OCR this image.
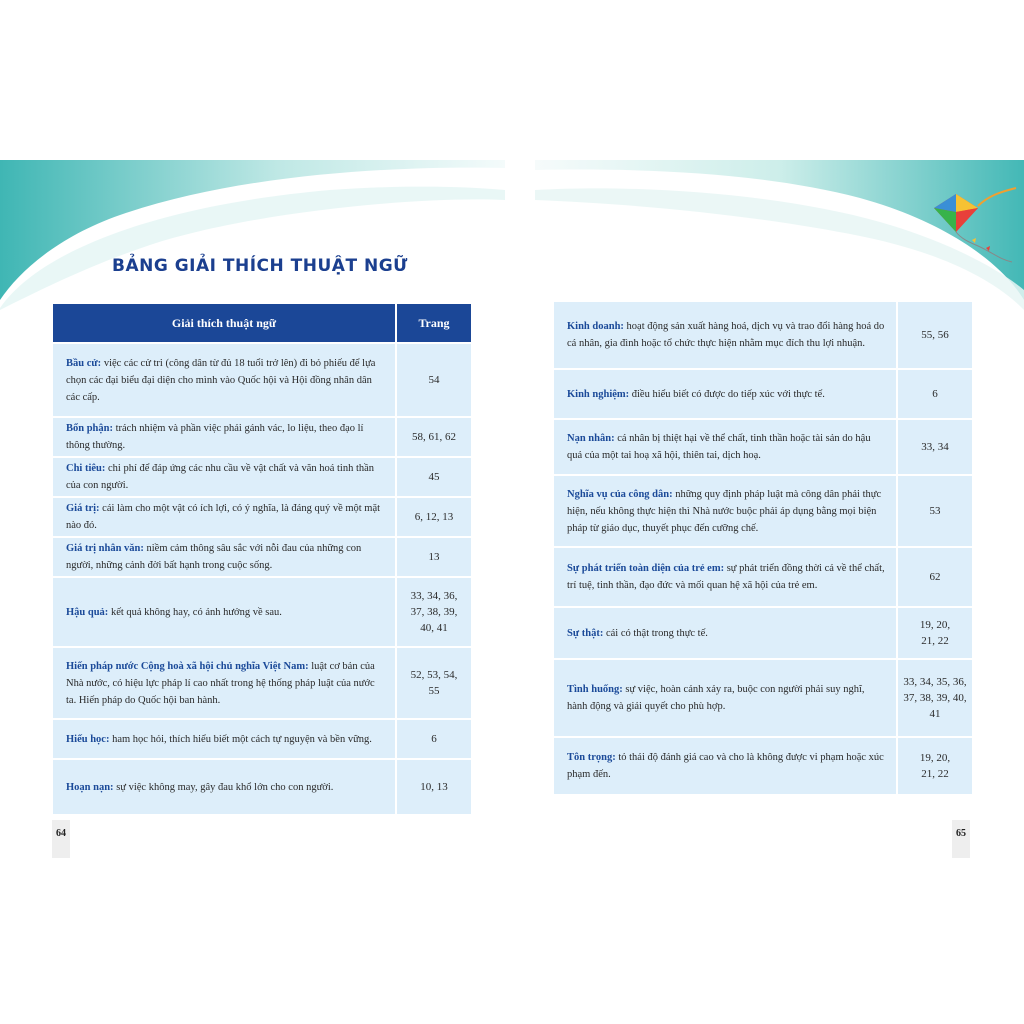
BẢNG GIẢI THÍCH THUẬT NGỮ
Giải thích thuật ngữ	Trang
Bầu cử: việc các cử tri (công dân từ đủ 18 tuổi trở lên) đi bỏ phiếu để lựa chọn các đại biểu đại diện cho mình vào Quốc hội và Hội đồng nhân dân các cấp.	54
Bổn phận: trách nhiệm và phần việc phải gánh vác, lo liệu, theo đạo lí thông thường.	58, 61, 62
Chi tiêu: chi phí để đáp ứng các nhu cầu về vật chất và văn hoá tinh thần của con người.	45
Giá trị: cái làm cho một vật có ích lợi, có ý nghĩa, là đáng quý về một mặt nào đó.	6, 12, 13
Giá trị nhân văn: niềm cảm thông sâu sắc với nỗi đau của những con người, những cảnh đời bất hạnh trong cuộc sống.	13
Hậu quả: kết quả không hay, có ảnh hưởng về sau.	33, 34, 36, 37, 38, 39, 40, 41
Hiến pháp nước Cộng hoà xã hội chủ nghĩa Việt Nam: luật cơ bản của Nhà nước, có hiệu lực pháp lí cao nhất trong hệ thống pháp luật của nước ta. Hiến pháp do Quốc hội ban hành.	52, 53, 54, 55
Hiếu học: ham học hỏi, thích hiểu biết một cách tự nguyện và bền vững.	6
Hoạn nạn: sự việc không may, gây đau khổ lớn cho con người.	10, 13
Kinh doanh: hoạt động sản xuất hàng hoá, dịch vụ và trao đổi hàng hoá do cá nhân, gia đình hoặc tổ chức thực hiện nhằm mục đích thu lợi nhuận.	55, 56
Kinh nghiệm: điều hiểu biết có được do tiếp xúc với thực tế.	6
Nạn nhân: cá nhân bị thiệt hại về thể chất, tinh thần hoặc tài sản do hậu quả của một tai hoạ xã hội, thiên tai, dịch hoạ.	33, 34
Nghĩa vụ của công dân: những quy định pháp luật mà công dân phải thực hiện, nếu không thực hiện thì Nhà nước buộc phải áp dụng bằng mọi biện pháp từ giáo dục, thuyết phục đến cưỡng chế.	53
Sự phát triển toàn diện của trẻ em: sự phát triển đồng thời cả về thể chất, trí tuệ, tinh thần, đạo đức và mối quan hệ xã hội của trẻ em.	62
Sự thật: cái có thật trong thực tế.	19, 20, 21, 22
Tình huống: sự việc, hoàn cảnh xảy ra, buộc con người phải suy nghĩ, hành động và giải quyết cho phù hợp.	33, 34, 35, 36, 37, 38, 39, 40, 41
Tôn trọng: tỏ thái độ đánh giá cao và cho là không được vi phạm hoặc xúc phạm đến.	19, 20, 21, 22
64	65
